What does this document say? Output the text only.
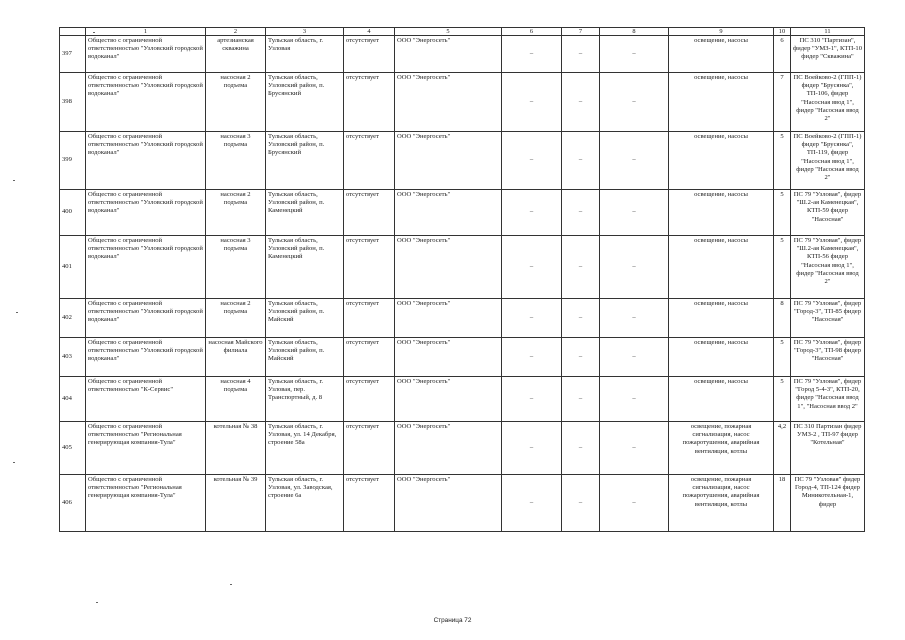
	1	2	3	4	5	6	7	8	9	10	11
397	Общество с ограниченной ответственностью "Узловский городской водоканал"	артезианская скважина	Тульская область, г. Узловая	отсутствует	ООО "Энергосеть"	–	–	–	освещение, насосы	6	ПС 310 "Партизан", фидер "УМЗ-1", КТП-10 фидер "Скважина"
398	Общество с ограниченной ответственностью "Узловский городской водоканал"	насосная 2 подъема	Тульская область, Узловский район, п. Брусянский	отсутствует	ООО "Энергосеть"	–	–	–	освещение, насосы	7	ПС Воейково-2 (ГПП-1) фидер "Брусянка", ТП-106, фидер "Насосная ввод 1", фидер "Насосная ввод 2"
399	Общество с ограниченной ответственностью "Узловский городской водоканал"	насосная 3 подъема	Тульская область, Узловский район, п. Брусянский	отсутствует	ООО "Энергосеть"	–	–	–	освещение, насосы	5	ПС Воейково-2 (ГПП-1) фидер "Брусянка", ТП-119, фидер "Насосная ввод 1", фидер "Насосная ввод 2"
400	Общество с ограниченной ответственностью "Узловский городской водоканал"	насосная 2 подъема	Тульская область, Узловский район, п. Каменецкий	отсутствует	ООО "Энергосеть"	–	–	–	освещение, насосы	5	ПС 79 "Узловая", фидер "Ш.2-ая Каменецкая", КТП-59 фидер "Насосная"
401	Общество с ограниченной ответственностью "Узловский городской водоканал"	насосная 3 подъема	Тульская область, Узловский район, п. Каменецкий	отсутствует	ООО "Энергосеть"	–	–	–	освещение, насосы	5	ПС 79 "Узловая", фидер "Ш.2-ая Каменецкая", КТП-56 фидер "Насосная ввод 1", фидер "Насосная ввод 2"
402	Общество с ограниченной ответственностью "Узловский городской водоканал"	насосная 2 подъема	Тульская область, Узловский район, п. Майский	отсутствует	ООО "Энергосеть"	–	–	–	освещение, насосы	8	ПС 79 "Узловая", фидер "Город-3", ТП-85 фидер "Насосная"
403	Общество с ограниченной ответственностью "Узловский городской водоканал"	насосная Майского филиала	Тульская область, Узловский район, п. Майский	отсутствует	ООО "Энергосеть"	–	–	–	освещение, насосы	5	ПС 79 "Узловая", фидер "Город-3", ТП-98 фидер "Насосная"
404	Общество с ограниченной ответственностью "К-Сервис"	насосная 4 подъема	Тульская область, г. Узловая, пер. Транспортный, д. 8	отсутствует	ООО "Энергосеть"	–	–	–	освещение, насосы	5	ПС 79 "Узловая", фидер "Город 5-4-3", КТП-20, фидер "Насосная ввод 1", "Насосная ввод 2"
405	Общество с ограниченной ответственностью "Региональная генерирующая компания-Тула"	котельная № 38	Тульская область, г. Узловая, ул. 14 Декабря, строение 58а	отсутствует	ООО "Энергосеть"	–	–	–	освещение, пожарная сигнализация, насос пожаротушения, аварийная вентиляция, котлы	4,2	ПС 310 Партизан фидер УМЗ-2 , ТП-97 фидер "Котельная"
406	Общество с ограниченной ответственностью "Региональная генерирующая компания-Тула"	котельная № 39	Тульская область, г. Узловая, ул. Заводская, строение 6а	отсутствует	ООО "Энергосеть"	–	–	–	освещение, пожарная сигнализация, насос пожаротушения, аварийная вентиляция, котлы	18	ПС 79 "Узловая" фидер Город-4, ТП-124 фидер Миникотельная-1, фидер
Страница 72
